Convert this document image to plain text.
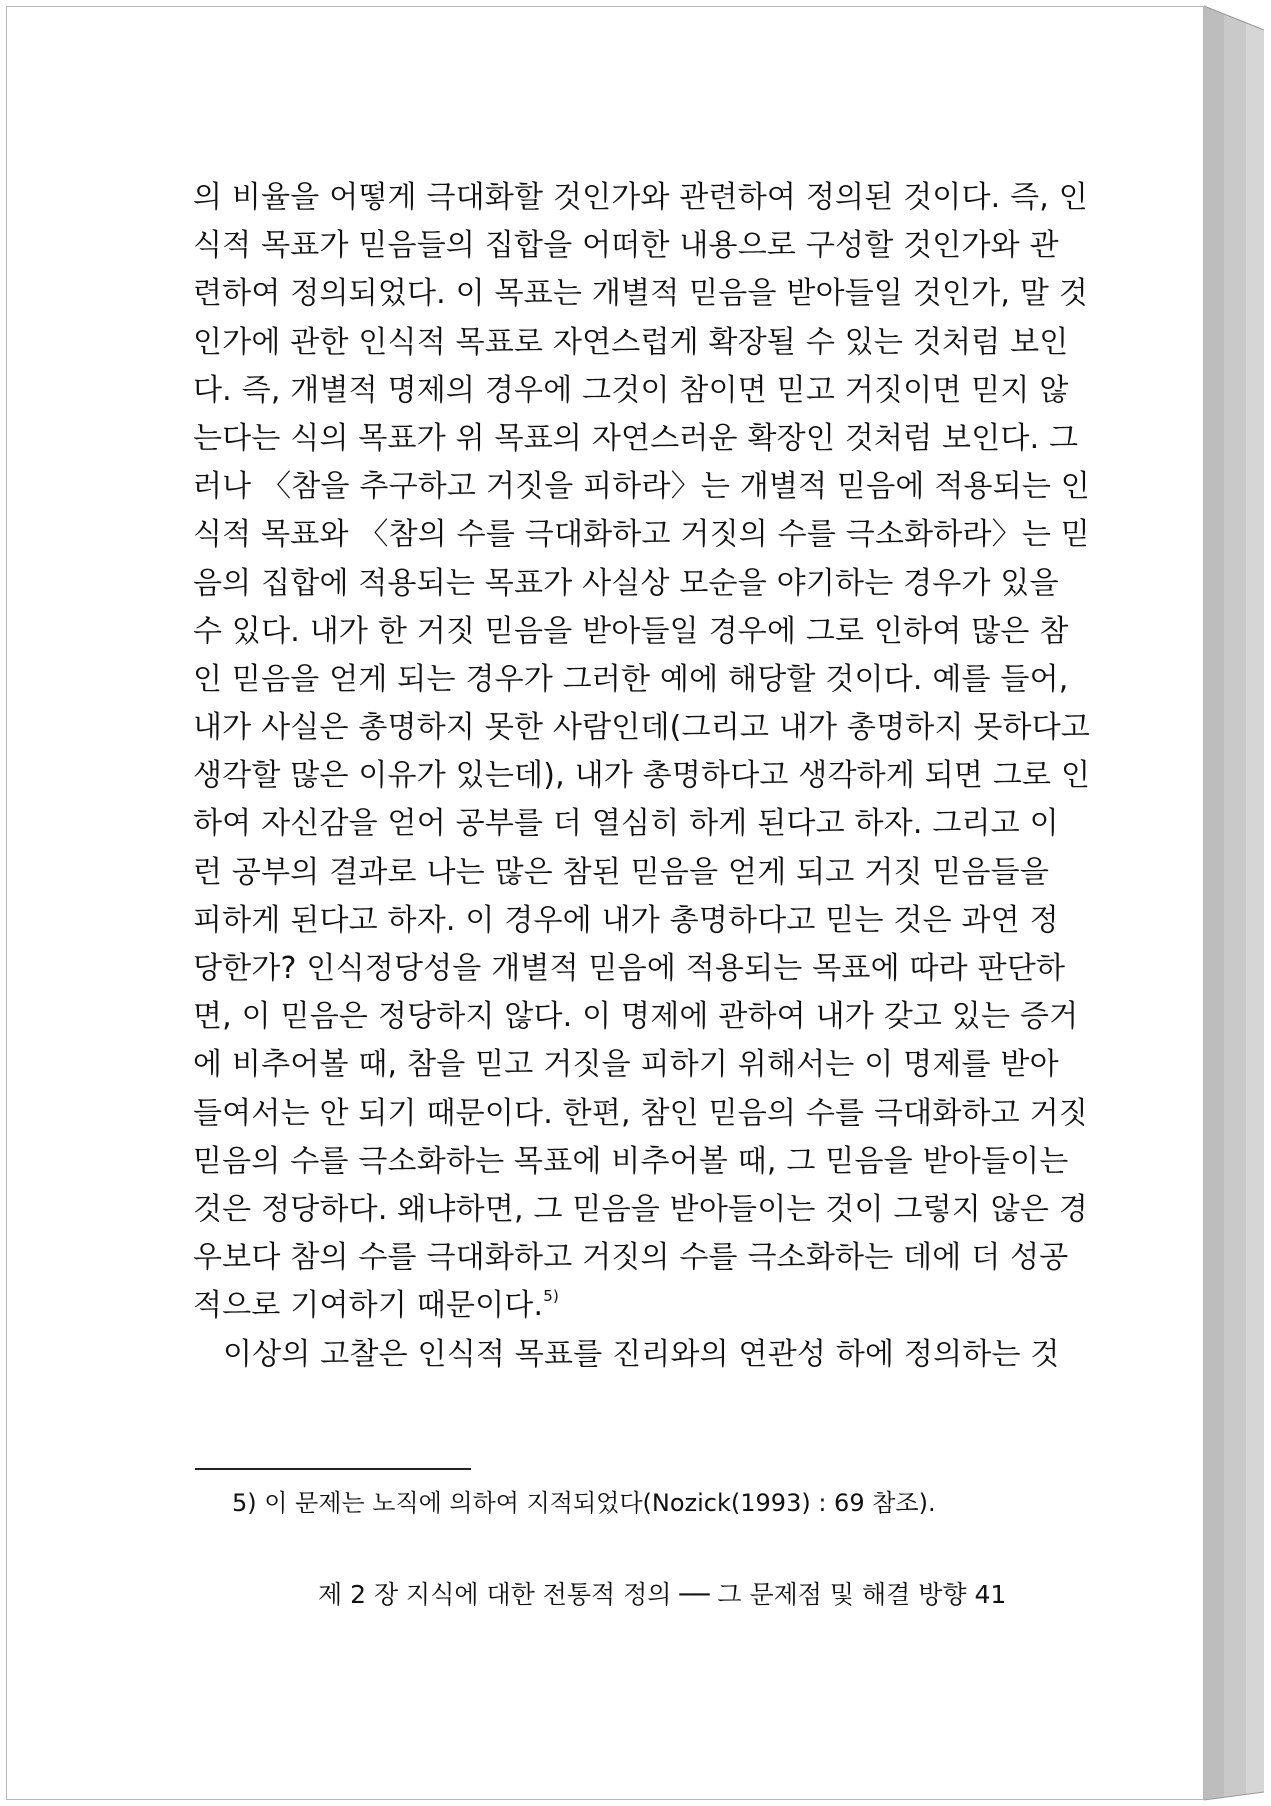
의 비율을 어떻게 극대화할 것인가와 관련하여 정의된 것이다. 즉, 인
식적 목표가 믿음들의 집합을 어떠한 내용으로 구성할 것인가와 관
련하여 정의되었다. 이 목표는 개별적 믿음을 받아들일 것인가, 말 것
인가에 관한 인식적 목표로 자연스럽게 확장될 수 있는 것처럼 보인
다. 즉, 개별적 명제의 경우에 그것이 참이면 믿고 거짓이면 믿지 않
는다는 식의 목표가 위 목표의 자연스러운 확장인 것처럼 보인다. 그
러나 〈참을 추구하고 거짓을 피하라〉는 개별적 믿음에 적용되는 인
식적 목표와 〈참의 수를 극대화하고 거짓의 수를 극소화하라〉는 믿
음의 집합에 적용되는 목표가 사실상 모순을 야기하는 경우가 있을
수 있다. 내가 한 거짓 믿음을 받아들일 경우에 그로 인하여 많은 참
인 믿음을 얻게 되는 경우가 그러한 예에 해당할 것이다. 예를 들어,
내가 사실은 총명하지 못한 사람인데(그리고 내가 총명하지 못하다고
생각할 많은 이유가 있는데), 내가 총명하다고 생각하게 되면 그로 인
하여 자신감을 얻어 공부를 더 열심히 하게 된다고 하자. 그리고 이
런 공부의 결과로 나는 많은 참된 믿음을 얻게 되고 거짓 믿음들을
피하게 된다고 하자. 이 경우에 내가 총명하다고 믿는 것은 과연 정
당한가? 인식정당성을 개별적 믿음에 적용되는 목표에 따라 판단하
면, 이 믿음은 정당하지 않다. 이 명제에 관하여 내가 갖고 있는 증거
에 비추어볼 때, 참을 믿고 거짓을 피하기 위해서는 이 명제를 받아
들여서는 안 되기 때문이다. 한편, 참인 믿음의 수를 극대화하고 거짓
믿음의 수를 극소화하는 목표에 비추어볼 때, 그 믿음을 받아들이는
것은 정당하다. 왜냐하면, 그 믿음을 받아들이는 것이 그렇지 않은 경
우보다 참의 수를 극대화하고 거짓의 수를 극소화하는 데에 더 성공
적으로 기여하기 때문이다.$^{5)}$
이상의 고찰은 인식적 목표를 진리와의 연관성 하에 정의하는 것
5) 이 문제는 노직에 의하여 지적되었다(Nozick(1993) : 69 참조).
제 2 장 지식에 대한 전통적 정의 ── 그 문제점 및 해결 방향 41
